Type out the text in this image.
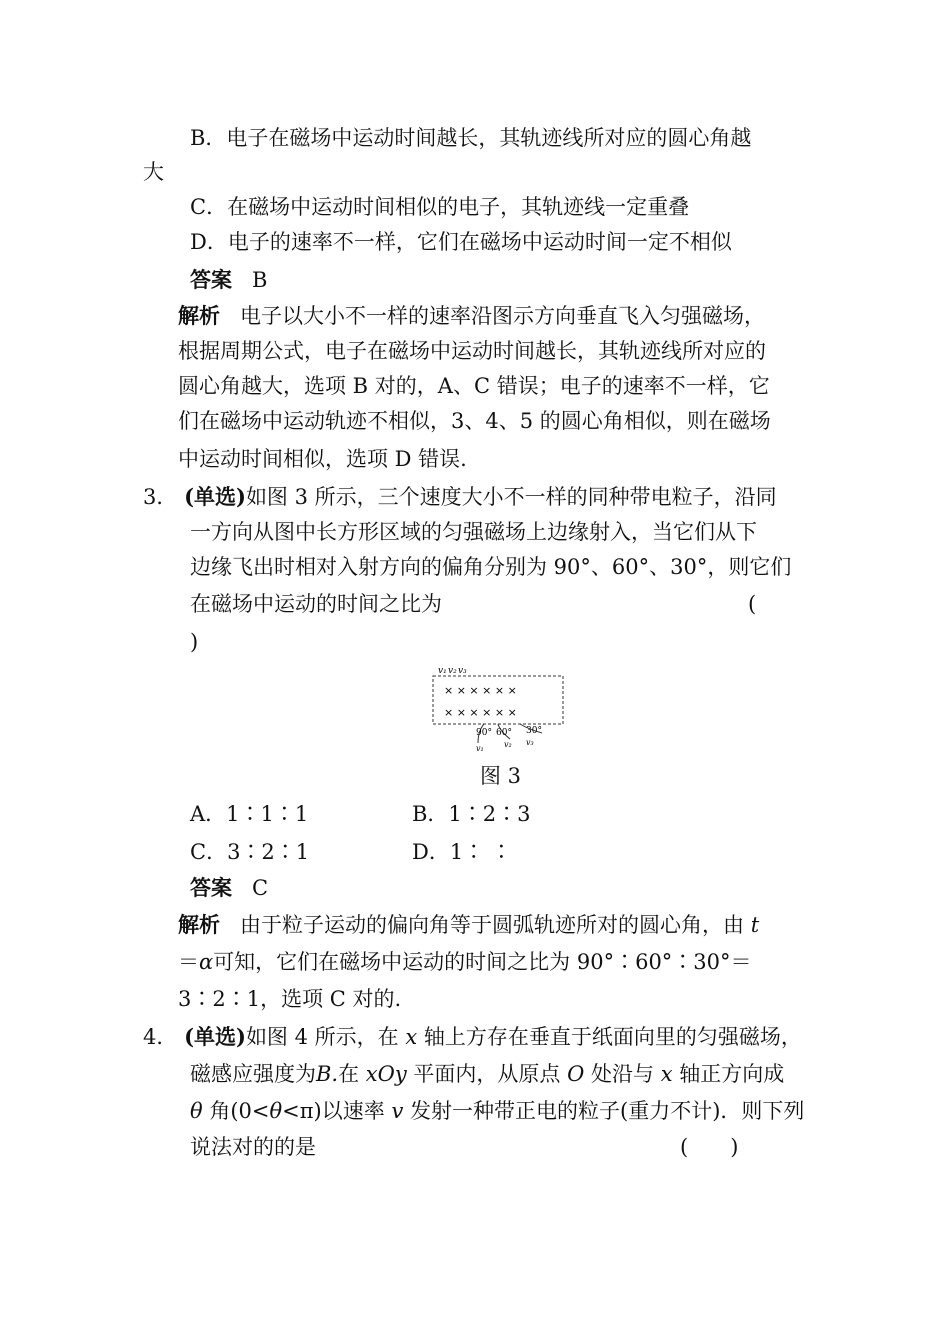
B．电子在磁场中运动时间越长，其轨迹线所对应的圆心角越
大
C．在磁场中运动时间相似的电子，其轨迹线一定重叠
D．电子的速率不一样，它们在磁场中运动时间一定不相似
答案 B
解析 电子以大小不一样的速率沿图示方向垂直飞入匀强磁场，
根据周期公式，电子在磁场中运动时间越长，其轨迹线所对应的
圆心角越大，选项 B 对的，A、C 错误；电子的速率不一样，它
们在磁场中运动轨迹不相似，3、4、5 的圆心角相似，则在磁场
中运动时间相似，选项 D 错误.
3． (单选)如图 3 所示，三个速度大小不一样的同种带电粒子，沿同
一方向从图中长方形区域的匀强磁场上边缘射入，当它们从下
边缘飞出时相对入射方向的偏角分别为 90°、60°、30°，则它们
在磁场中运动的时间之比为	(
)
v₁ v₂ v₃
× × × × × ×
× × × × × ×
90° 60° 30°
v₁	v₂ v₃
图 3
A．1∶1∶1	B．1∶2∶3
C．3∶2∶1	D．1∶ ∶
答案 C
解析 由于粒子运动的偏向角等于圆弧轨迹所对的圆心角，由 t
＝α可知，它们在磁场中运动的时间之比为 90°∶60°∶30°＝
3∶2∶1，选项 C 对的.
4． (单选)如图 4 所示，在 x 轴上方存在垂直于纸面向里的匀强磁场，
磁感应强度为B.在 xOy 平面内，从原点 O 处沿与 x 轴正方向成
θ 角(0<θ<π)以速率 v 发射一种带正电的粒子(重力不计)．则下列
说法对的的是	(　　)
